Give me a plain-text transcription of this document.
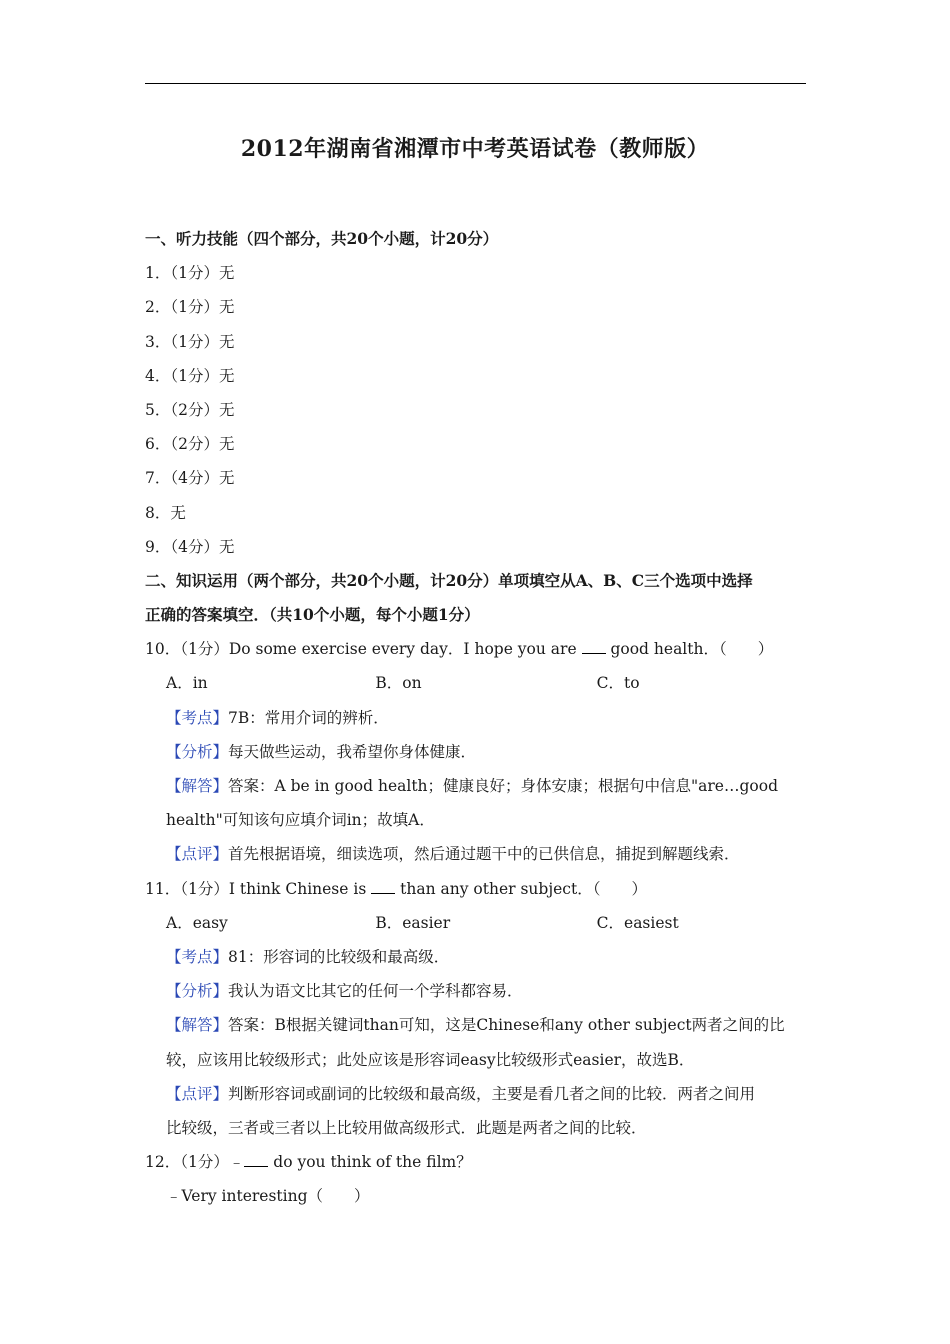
2012年湖南省湘潭市中考英语试卷（教师版）
一、听力技能（四个部分，共20个小题，计20分）
1．（1分）无
2．（1分）无
3．（1分）无
4．（1分）无
5．（2分）无
6．（2分）无
7．（4分）无
8．无
9．（4分）无
二、知识运用（两个部分，共20个小题，计20分）单项填空从A、B、C三个选项中选择
正确的答案填空．（共10个小题，每个小题1分）
10．（1分）Do some exercise every day．I hope you are  good health．（　　）
A．in	B．on	C．to
【考点】7B：常用介词的辨析．
【分析】每天做些运动，我希望你身体健康．
【解答】答案：A be in good health；健康良好；身体安康；根据句中信息"are…good
health"可知该句应填介词in；故填A．
【点评】首先根据语境，细读选项，然后通过题干中的已供信息，捕捉到解题线索．
11．（1分）I think Chinese is  than any other subject．（　　）
A．easy	B．easier	C．easiest
【考点】81：形容词的比较级和最高级．
【分析】我认为语文比其它的任何一个学科都容易．
【解答】答案：B根据关键词than可知，这是Chinese和any other subject两者之间的比
较，应该用比较级形式；此处应该是形容词easy比较级形式easier，故选B．
【点评】判断形容词或副词的比较级和最高级，主要是看几者之间的比较．两者之间用
比较级，三者或三者以上比较用做高级形式．此题是两者之间的比较．
12．（1分）﹣ do you think of the film？
﹣Very interesting（　　）
